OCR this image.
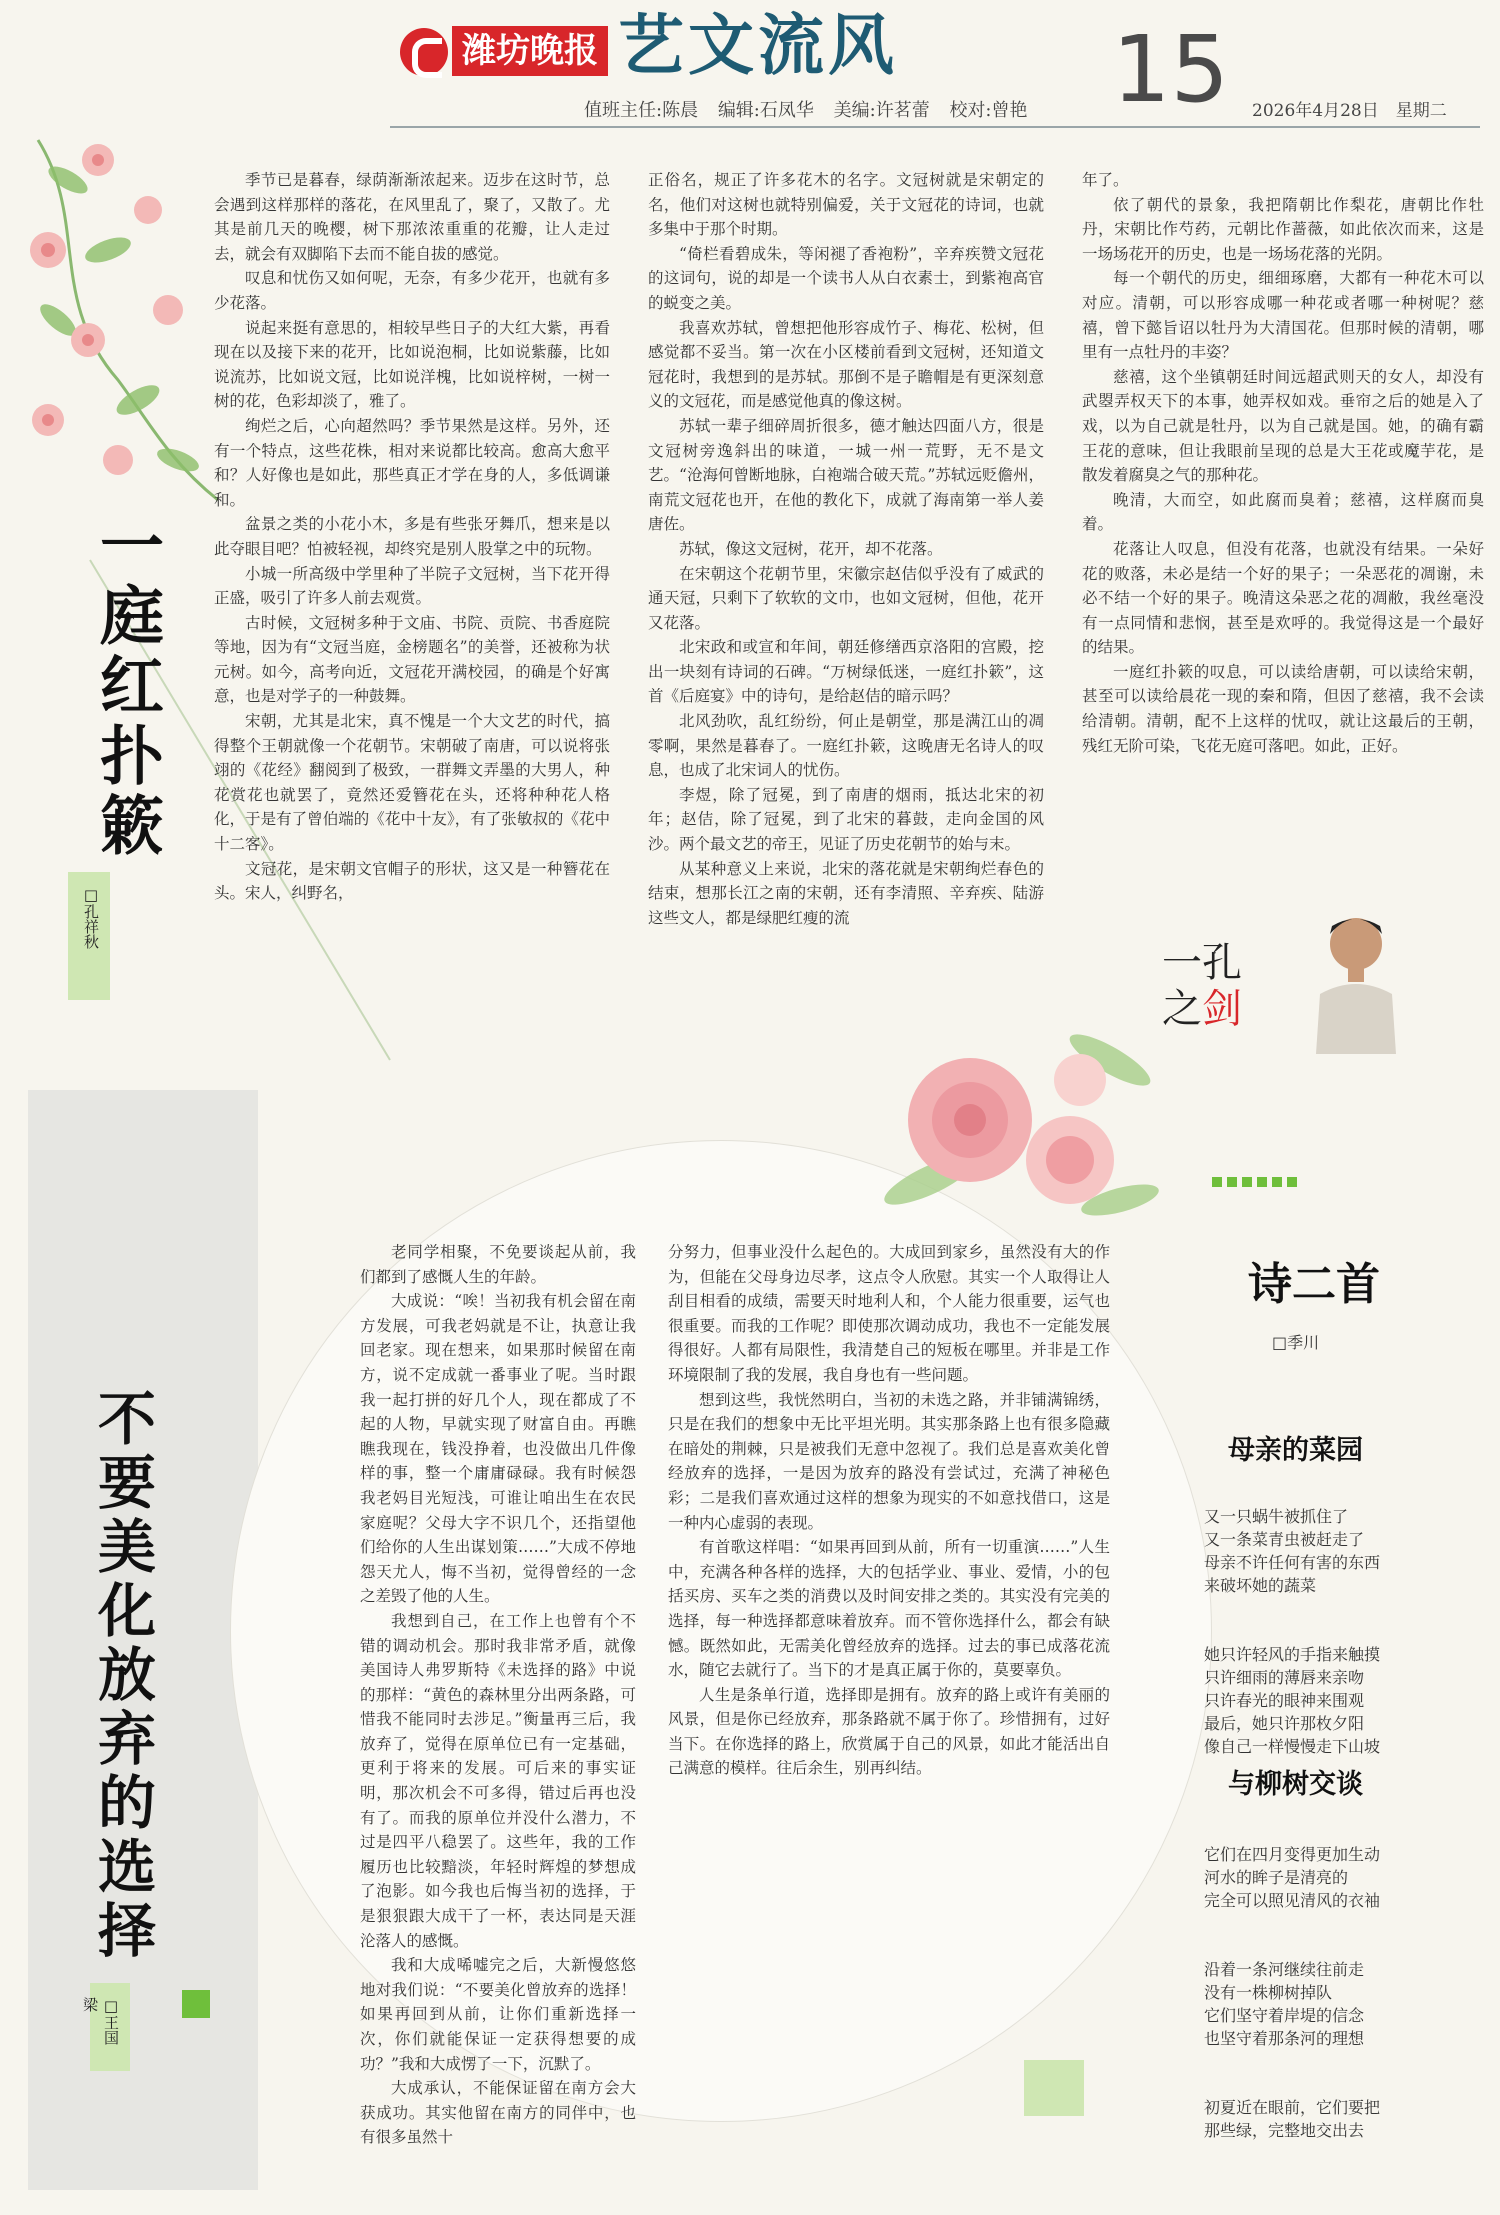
潍坊晚报 艺文流风 15
值班主任:陈晨 编辑:石凤华 美编:许茗蕾 校对:曾艳	2026年4月28日　星期二
一庭红扑簌
□孔祥秋

季节已是暮春，绿荫渐渐浓起来。迈步在这时节，总会遇到这样那样的落花，在风里乱了，聚了，又散了。尤其是前几天的晚樱，树下那浓浓重重的花瓣，让人走过去，就会有双脚陷下去而不能自拔的感觉。

叹息和忧伤又如何呢，无奈，有多少花开，也就有多少花落。

说起来挺有意思的，相较早些日子的大红大紫，再看现在以及接下来的花开，比如说泡桐，比如说紫藤，比如说流苏，比如说文冠，比如说洋槐，比如说梓树，一树一树的花，色彩却淡了，雅了。

绚烂之后，心向超然吗？季节果然是这样。另外，还有一个特点，这些花株，相对来说都比较高。愈高大愈平和？人好像也是如此，那些真正才学在身的人，多低调谦和。

盆景之类的小花小木，多是有些张牙舞爪，想来是以此夺眼目吧？怕被轻视，却终究是别人股掌之中的玩物。

小城一所高级中学里种了半院子文冠树，当下花开得正盛，吸引了许多人前去观赏。

古时候，文冠树多种于文庙、书院、贡院、书香庭院等地，因为有“文冠当庭，金榜题名”的美誉，还被称为状元树。如今，高考向近，文冠花开满校园，的确是个好寓意，也是对学子的一种鼓舞。

宋朝，尤其是北宋，真不愧是一个大文艺的时代，搞得整个王朝就像一个花朝节。宋朝破了南唐，可以说将张翊的《花经》翻阅到了极致，一群舞文弄墨的大男人，种花赏花也就罢了，竟然还爱簪花在头，还将种种花人格化，于是有了曾伯端的《花中十友》，有了张敏叔的《花中十二客》。

文冠花，是宋朝文官帽子的形状，这又是一种簪花在头。宋人，纠野名，

正俗名，规正了许多花木的名字。文冠树就是宋朝定的名，他们对这树也就特别偏爱，关于文冠花的诗词，也就多集中于那个时期。

“倚栏看碧成朱，等闲褪了香袍粉”，辛弃疾赞文冠花的这词句，说的却是一个读书人从白衣素士，到紫袍高官的蜕变之美。

我喜欢苏轼，曾想把他形容成竹子、梅花、松树，但感觉都不妥当。第一次在小区楼前看到文冠树，还知道文冠花时，我想到的是苏轼。那倒不是子瞻帽是有更深刻意义的文冠花，而是感觉他真的像这树。

苏轼一辈子细碎周折很多，德才触达四面八方，很是文冠树旁逸斜出的味道，一城一州一荒野，无不是文艺。“沧海何曾断地脉，白袍端合破天荒。”苏轼远贬儋州，南荒文冠花也开，在他的教化下，成就了海南第一举人姜唐佐。

苏轼，像这文冠树，花开，却不花落。

在宋朝这个花朝节里，宋徽宗赵佶似乎没有了威武的通天冠，只剩下了软软的文巾，也如文冠树，但他，花开又花落。

北宋政和或宣和年间，朝廷修缮西京洛阳的宫殿，挖出一块刻有诗词的石碑。“万树绿低迷，一庭红扑簌”，这首《后庭宴》中的诗句，是给赵佶的暗示吗？

北风劲吹，乱红纷纷，何止是朝堂，那是满江山的凋零啊，果然是暮春了。一庭红扑簌，这晚唐无名诗人的叹息，也成了北宋词人的忧伤。

李煜，除了冠冕，到了南唐的烟雨，抵达北宋的初年；赵佶，除了冠冕，到了北宋的暮鼓，走向金国的风沙。两个最文艺的帝王，见证了历史花朝节的始与末。

从某种意义上来说，北宋的落花就是宋朝绚烂春色的结束，想那长江之南的宋朝，还有李清照、辛弃疾、陆游这些文人，都是绿肥红瘦的流

年了。

依了朝代的景象，我把隋朝比作梨花，唐朝比作牡丹，宋朝比作芍药，元朝比作蔷薇，如此依次而来，这是一场场花开的历史，也是一场场花落的光阴。

每一个朝代的历史，细细琢磨，大都有一种花木可以对应。清朝，可以形容成哪一种花或者哪一种树呢？慈禧，曾下懿旨诏以牡丹为大清国花。但那时候的清朝，哪里有一点牡丹的丰姿？

慈禧，这个坐镇朝廷时间远超武则天的女人，却没有武曌弄权天下的本事，她弄权如戏。垂帘之后的她是入了戏，以为自己就是牡丹，以为自己就是国。她，的确有霸王花的意味，但让我眼前呈现的总是大王花或魔芋花，是散发着腐臭之气的那种花。

晚清，大而空，如此腐而臭着；慈禧，这样腐而臭着。

花落让人叹息，但没有花落，也就没有结果。一朵好花的败落，未必是结一个好的果子；一朵恶花的凋谢，未必不结一个好的果子。晚清这朵恶之花的凋敝，我丝毫没有一点同情和悲悯，甚至是欢呼的。我觉得这是一个最好的结果。

一庭红扑簌的叹息，可以读给唐朝，可以读给宋朝，甚至可以读给晨花一现的秦和隋，但因了慈禧，我不会读给清朝。清朝，配不上这样的忧叹，就让这最后的王朝，残红无阶可染，飞花无庭可落吧。如此，正好。

一孔
之剑
不要美化放弃的选择
□王国梁

老同学相聚，不免要谈起从前，我们都到了感慨人生的年龄。

大成说：“唉！当初我有机会留在南方发展，可我老妈就是不让，执意让我回老家。现在想来，如果那时候留在南方，说不定成就一番事业了呢。当时跟我一起打拼的好几个人，现在都成了不起的人物，早就实现了财富自由。再瞧瞧我现在，钱没挣着，也没做出几件像样的事，整一个庸庸碌碌。我有时候怨我老妈目光短浅，可谁让咱出生在农民家庭呢？父母大字不识几个，还指望他们给你的人生出谋划策……”大成不停地怨天尤人，悔不当初，觉得曾经的一念之差毁了他的人生。

我想到自己，在工作上也曾有个不错的调动机会。那时我非常矛盾，就像美国诗人弗罗斯特《未选择的路》中说的那样：“黄色的森林里分出两条路，可惜我不能同时去涉足。”衡量再三后，我放弃了，觉得在原单位已有一定基础，更利于将来的发展。可后来的事实证明，那次机会不可多得，错过后再也没有了。而我的原单位并没什么潜力，不过是四平八稳罢了。这些年，我的工作履历也比较黯淡，年轻时辉煌的梦想成了泡影。如今我也后悔当初的选择，于是狠狠跟大成干了一杯，表达同是天涯沦落人的感慨。

我和大成唏嘘完之后，大新慢悠悠地对我们说：“不要美化曾放弃的选择！如果再回到从前，让你们重新选择一次，你们就能保证一定获得想要的成功？”我和大成愣了一下，沉默了。

大成承认，不能保证留在南方会大获成功。其实他留在南方的同伴中，也有很多虽然十

分努力，但事业没什么起色的。大成回到家乡，虽然没有大的作为，但能在父母身边尽孝，这点令人欣慰。其实一个人取得让人刮目相看的成绩，需要天时地利人和，个人能力很重要，运气也很重要。而我的工作呢？即使那次调动成功，我也不一定能发展得很好。人都有局限性，我清楚自己的短板在哪里。并非是工作环境限制了我的发展，我自身也有一些问题。

想到这些，我恍然明白，当初的未选之路，并非铺满锦绣，只是在我们的想象中无比平坦光明。其实那条路上也有很多隐藏在暗处的荆棘，只是被我们无意中忽视了。我们总是喜欢美化曾经放弃的选择，一是因为放弃的路没有尝试过，充满了神秘色彩；二是我们喜欢通过这样的想象为现实的不如意找借口，这是一种内心虚弱的表现。

有首歌这样唱：“如果再回到从前，所有一切重演……”人生中，充满各种各样的选择，大的包括学业、事业、爱情，小的包括买房、买车之类的消费以及时间安排之类的。其实没有完美的选择，每一种选择都意味着放弃。而不管你选择什么，都会有缺憾。既然如此，无需美化曾经放弃的选择。过去的事已成落花流水，随它去就行了。当下的才是真正属于你的，莫要辜负。

人生是条单行道，选择即是拥有。放弃的路上或许有美丽的风景，但是你已经放弃，那条路就不属于你了。珍惜拥有，过好当下。在你选择的路上，欣赏属于自己的风景，如此才能活出自己满意的模样。往后余生，别再纠结。

诗二首
□季川
母亲的菜园

又一只蜗牛被抓住了
又一条菜青虫被赶走了
母亲不许任何有害的东西
来破坏她的蔬菜

她只许轻风的手指来触摸
只许细雨的薄唇来亲吻
只许春光的眼神来围观
最后，她只许那枚夕阳
像自己一样慢慢走下山坡

与柳树交谈

它们在四月变得更加生动
河水的眸子是清亮的
完全可以照见清风的衣袖

沿着一条河继续往前走
没有一株柳树掉队
它们坚守着岸堤的信念
也坚守着那条河的理想

初夏近在眼前，它们要把
那些绿，完整地交出去
